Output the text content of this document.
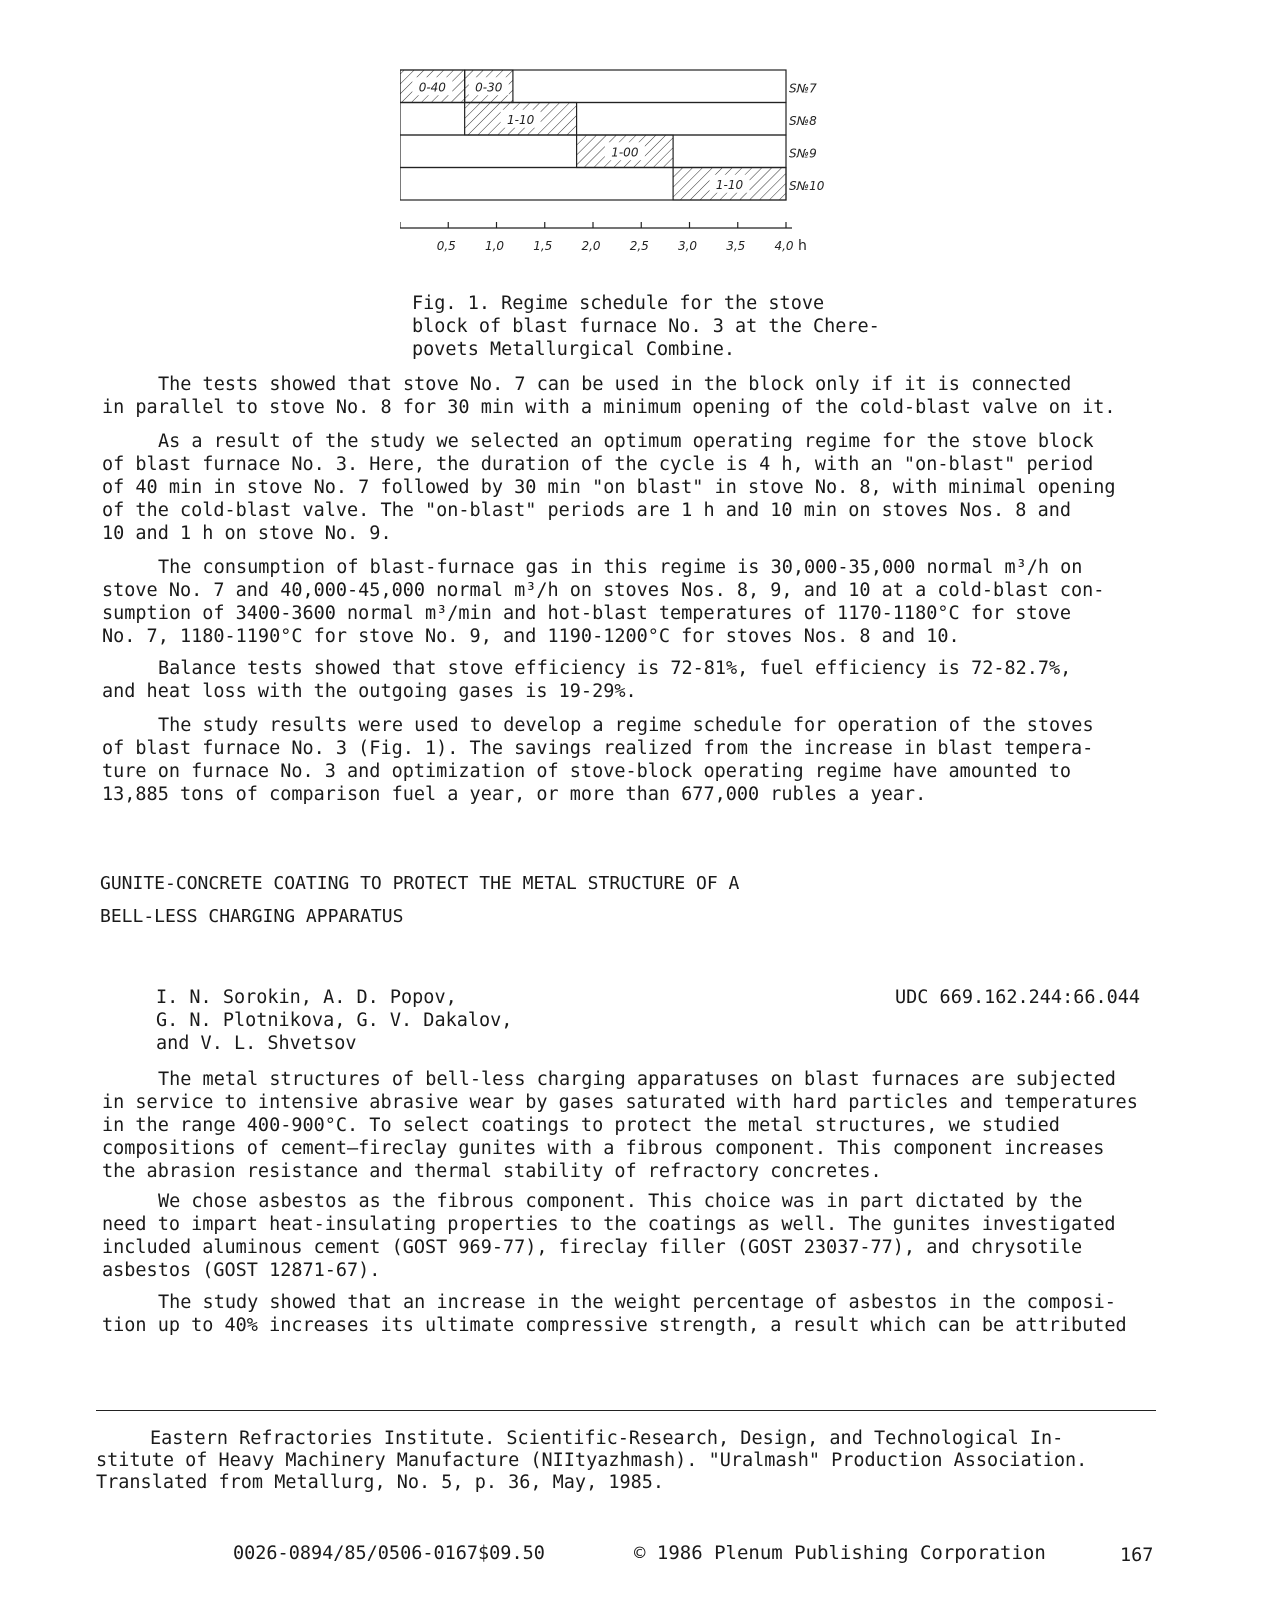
0-40 0-30	S№7
1-10	S№8
1-00	S№9
1-10	S№10
0,5 1,0 1,5 2,0 2,5 3,0 3,5 4,0 h
Fig. 1. Regime schedule for the stove
block of blast furnace No. 3 at the Chere-
povets Metallurgical Combine.
The tests showed that stove No. 7 can be used in the block only if it is connected
in parallel to stove No. 8 for 30 min with a minimum opening of the cold-blast valve on it.
As a result of the study we selected an optimum operating regime for the stove block
of blast furnace No. 3. Here, the duration of the cycle is 4 h, with an "on-blast" period
of 40 min in stove No. 7 followed by 30 min "on blast" in stove No. 8, with minimal opening
of the cold-blast valve. The "on-blast" periods are 1 h and 10 min on stoves Nos. 8 and
10 and 1 h on stove No. 9.
The consumption of blast-furnace gas in this regime is 30,000-35,000 normal m³/h on
stove No. 7 and 40,000-45,000 normal m³/h on stoves Nos. 8, 9, and 10 at a cold-blast con-
sumption of 3400-3600 normal m³/min and hot-blast temperatures of 1170-1180°C for stove
No. 7, 1180-1190°C for stove No. 9, and 1190-1200°C for stoves Nos. 8 and 10.
Balance tests showed that stove efficiency is 72-81%, fuel efficiency is 72-82.7%,
and heat loss with the outgoing gases is 19-29%.
The study results were used to develop a regime schedule for operation of the stoves
of blast furnace No. 3 (Fig. 1). The savings realized from the increase in blast tempera-
ture on furnace No. 3 and optimization of stove-block operating regime have amounted to
13,885 tons of comparison fuel a year, or more than 677,000 rubles a year.
GUNITE-CONCRETE COATING TO PROTECT THE METAL STRUCTURE OF A
BELL-LESS CHARGING APPARATUS
I. N. Sorokin, A. D. Popov,
G. N. Plotnikova, G. V. Dakalov,
and V. L. Shvetsov
UDC 669.162.244:66.044
The metal structures of bell-less charging apparatuses on blast furnaces are subjected
in service to intensive abrasive wear by gases saturated with hard particles and temperatures
in the range 400-900°C. To select coatings to protect the metal structures, we studied
compositions of cement—fireclay gunites with a fibrous component. This component increases
the abrasion resistance and thermal stability of refractory concretes.
We chose asbestos as the fibrous component. This choice was in part dictated by the
need to impart heat-insulating properties to the coatings as well. The gunites investigated
included aluminous cement (GOST 969-77), fireclay filler (GOST 23037-77), and chrysotile
asbestos (GOST 12871-67).
The study showed that an increase in the weight percentage of asbestos in the composi-
tion up to 40% increases its ultimate compressive strength, a result which can be attributed
Eastern Refractories Institute. Scientific-Research, Design, and Technological In-
stitute of Heavy Machinery Manufacture (NIItyazhmash). "Uralmash" Production Association.
Translated from Metallurg, No. 5, p. 36, May, 1985.
0026-0894/85/0506-0167$09.50	© 1986 Plenum Publishing Corporation	167
